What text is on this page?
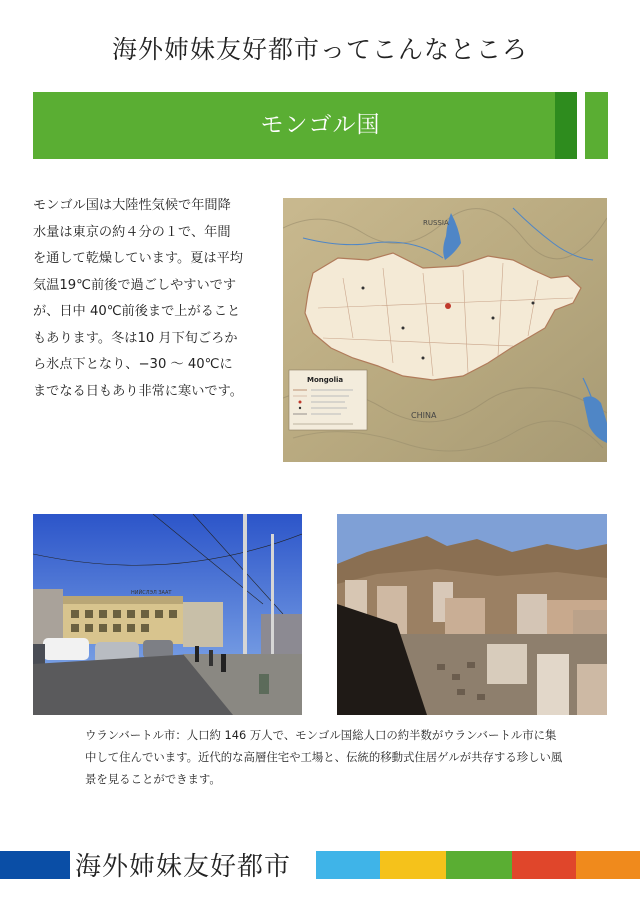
海外姉妹友好都市ってこんなところ
モンゴル国
モンゴル国は大陸性気候で年間降水量は東京の約４分の１で、年間を通して乾燥しています。夏は平均気温19℃前後で過ごしやすいですが、日中 40℃前後まで上がることもあります。冬は10 月下旬ごろから氷点下となり、−30 〜 40℃にまでなる日もあり非常に寒いです。
RUSSIA
CHINA
Mongolia
НИЙСЛЭЛ ЗААТ
ウランバートル市：人口約 146 万人で、モンゴル国総人口の約半数がウランバートル市に集中して住んでいます。近代的な高層住宅や工場と、伝統的移動式住居ゲルが共存する珍しい風景を見ることができます。
海外姉妹友好都市
